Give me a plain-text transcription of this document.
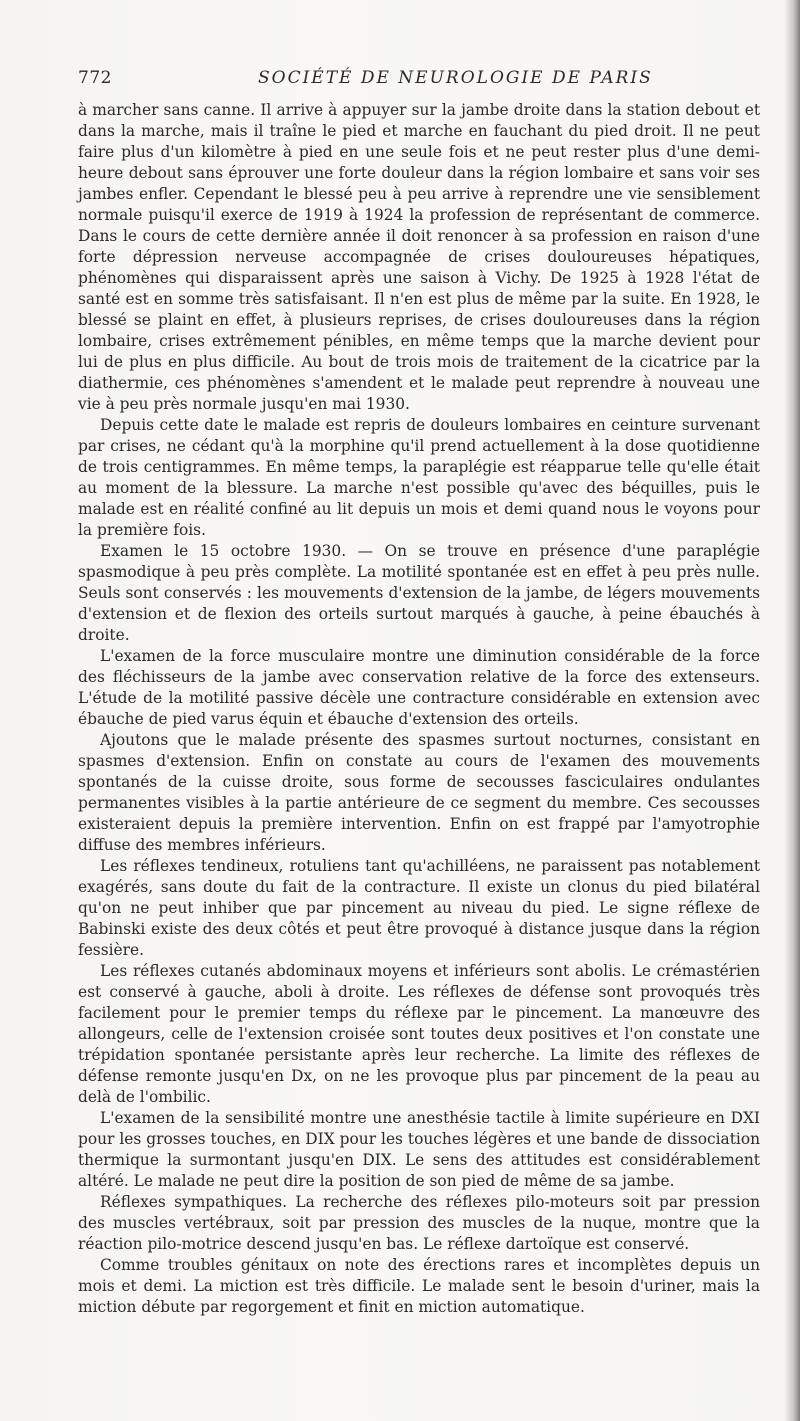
772	SOCIÉTÉ DE NEUROLOGIE DE PARIS

à marcher sans canne. Il arrive à appuyer sur la jambe droite dans la station debout et dans la marche, mais il traîne le pied et marche en fauchant du pied droit. Il ne peut faire plus d'un kilomètre à pied en une seule fois et ne peut rester plus d'une demi-heure debout sans éprouver une forte douleur dans la région lombaire et sans voir ses jambes enfler. Cependant le blessé peu à peu arrive à reprendre une vie sensiblement normale puisqu'il exerce de 1919 à 1924 la profession de représentant de commerce. Dans le cours de cette dernière année il doit renoncer à sa profession en raison d'une forte dépression nerveuse accompagnée de crises douloureuses hépatiques, phénomènes qui disparaissent après une saison à Vichy. De 1925 à 1928 l'état de santé est en somme très satisfaisant. Il n'en est plus de même par la suite. En 1928, le blessé se plaint en effet, à plusieurs reprises, de crises douloureuses dans la région lombaire, crises extrêmement pénibles, en même temps que la marche devient pour lui de plus en plus difficile. Au bout de trois mois de traitement de la cicatrice par la diathermie, ces phénomènes s'amendent et le malade peut reprendre à nouveau une vie à peu près normale jusqu'en mai 1930.

Depuis cette date le malade est repris de douleurs lombaires en ceinture survenant par crises, ne cédant qu'à la morphine qu'il prend actuellement à la dose quotidienne de trois centigrammes. En même temps, la paraplégie est réapparue telle qu'elle était au moment de la blessure. La marche n'est possible qu'avec des béquilles, puis le malade est en réalité confiné au lit depuis un mois et demi quand nous le voyons pour la première fois.

Examen le 15 octobre 1930. — On se trouve en présence d'une paraplégie spasmodique à peu près complète. La motilité spontanée est en effet à peu près nulle. Seuls sont conservés : les mouvements d'extension de la jambe, de légers mouvements d'extension et de flexion des orteils surtout marqués à gauche, à peine ébauchés à droite.

L'examen de la force musculaire montre une diminution considérable de la force des fléchisseurs de la jambe avec conservation relative de la force des extenseurs. L'étude de la motilité passive décèle une contracture considérable en extension avec ébauche de pied varus équin et ébauche d'extension des orteils.

Ajoutons que le malade présente des spasmes surtout nocturnes, consistant en spasmes d'extension. Enfin on constate au cours de l'examen des mouvements spontanés de la cuisse droite, sous forme de secousses fasciculaires ondulantes permanentes visibles à la partie antérieure de ce segment du membre. Ces secousses existeraient depuis la première intervention. Enfin on est frappé par l'amyotrophie diffuse des membres inférieurs.

Les réflexes tendineux, rotuliens tant qu'achilléens, ne paraissent pas notablement exagérés, sans doute du fait de la contracture. Il existe un clonus du pied bilatéral qu'on ne peut inhiber que par pincement au niveau du pied. Le signe réflexe de Babinski existe des deux côtés et peut être provoqué à distance jusque dans la région fessière.

Les réflexes cutanés abdominaux moyens et inférieurs sont abolis. Le crémastérien est conservé à gauche, aboli à droite. Les réflexes de défense sont provoqués très facilement pour le premier temps du réflexe par le pincement. La manœuvre des allongeurs, celle de l'extension croisée sont toutes deux positives et l'on constate une trépidation spontanée persistante après leur recherche. La limite des réflexes de défense remonte jusqu'en Dx, on ne les provoque plus par pincement de la peau au delà de l'ombilic.

L'examen de la sensibilité montre une anesthésie tactile à limite supérieure en DXI pour les grosses touches, en DIX pour les touches légères et une bande de dissociation thermique la surmontant jusqu'en DIX. Le sens des attitudes est considérablement altéré. Le malade ne peut dire la position de son pied de même de sa jambe.

Réflexes sympathiques. La recherche des réflexes pilo-moteurs soit par pression des muscles vertébraux, soit par pression des muscles de la nuque, montre que la réaction pilo-motrice descend jusqu'en bas. Le réflexe dartoïque est conservé.

Comme troubles génitaux on note des érections rares et incomplètes depuis un mois et demi. La miction est très difficile. Le malade sent le besoin d'uriner, mais la miction débute par regorgement et finit en miction automatique.
